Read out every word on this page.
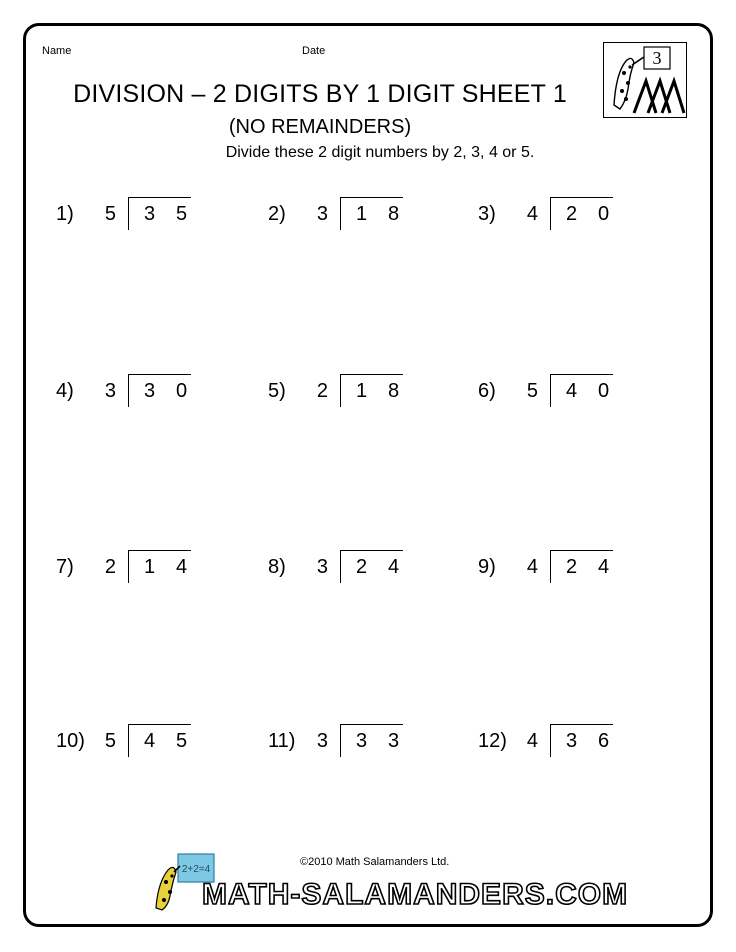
Name	Date
DIVISION – 2 DIGITS BY 1 DIGIT SHEET 1
(NO REMAINDERS)
Divide these 2 digit numbers by 2, 3, 4 or 5.
3
1)	5 3 5	2)	3 1 8	3)	4 2 0
4)	3 3 0	5)	2 1 8	6)	5 4 0
7)	2 1 4	8)	3 2 4	9)	4 2 4
10) 5 4 5	11)	3 3 3	12) 4 3 6
©2010 Math Salamanders Ltd.
2+2=4
MATH-SALAMANDERS.COM
